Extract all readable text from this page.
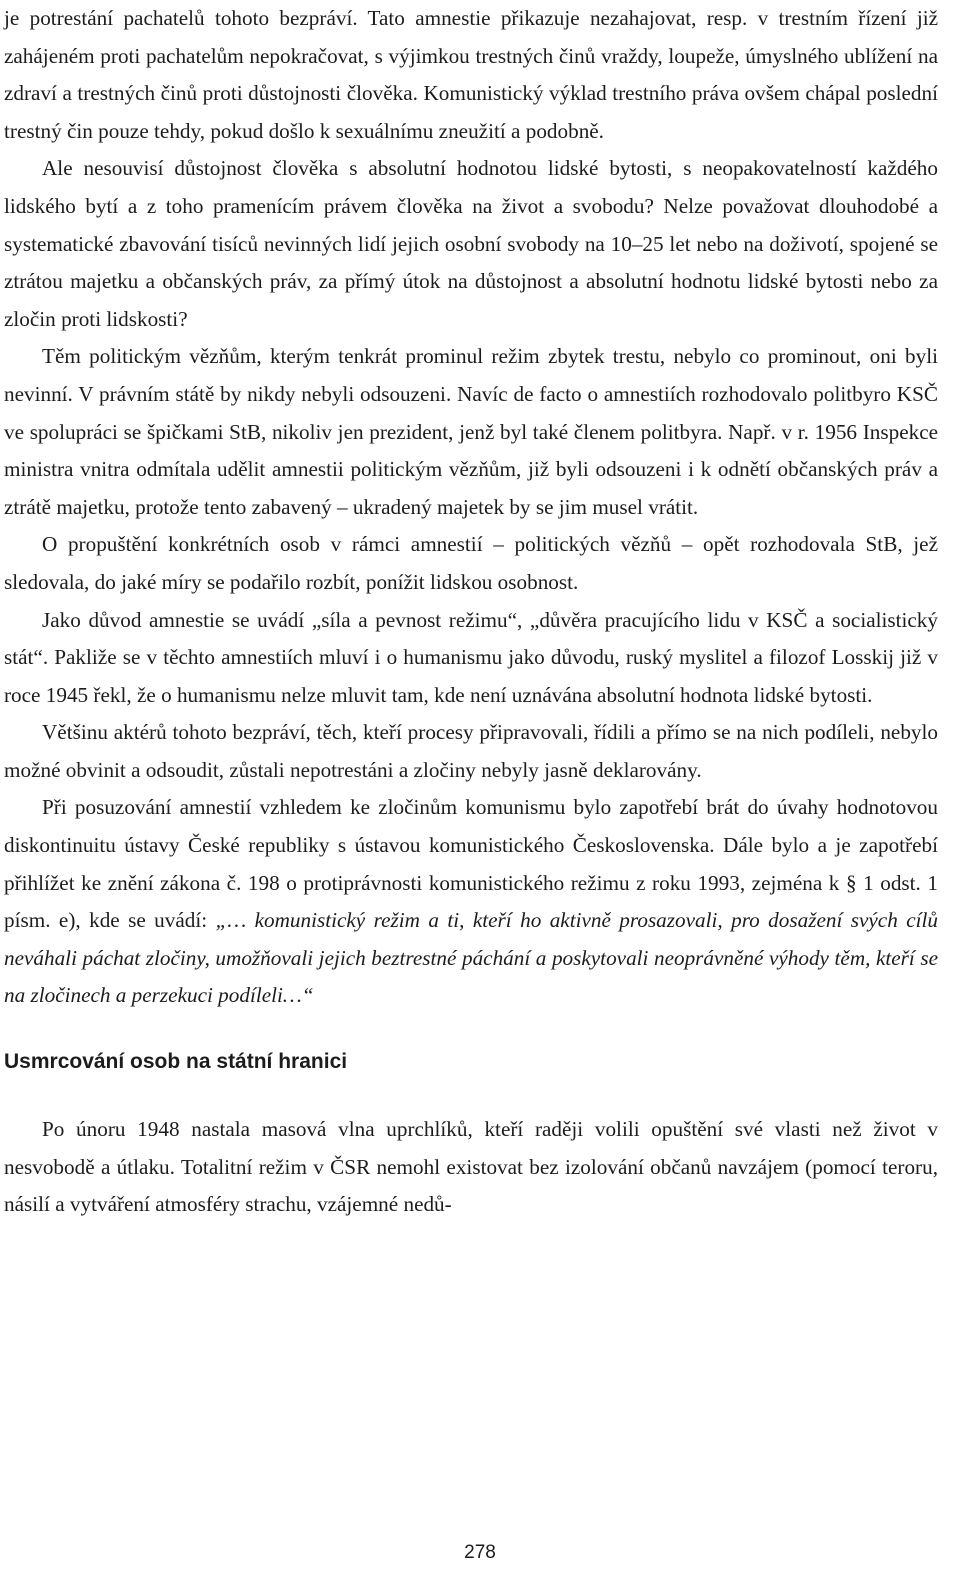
je potrestání pachatelů tohoto bezpráví. Tato amnestie přikazuje nezahajovat, resp. v trestním řízení již zahájeném proti pachatelům nepokračovat, s výjimkou trestných činů vraždy, loupeže, úmyslného ublížení na zdraví a trestných činů proti důstojnosti člověka. Komunistický výklad trestního práva ovšem chápal poslední trestný čin pouze tehdy, pokud došlo k sexuálnímu zneužití a podobně.

Ale nesouvisí důstojnost člověka s absolutní hodnotou lidské bytosti, s neopakovatelností každého lidského bytí a z toho pramenícím právem člověka na život a svobodu? Nelze považovat dlouhodobé a systematické zbavování tisíců nevinných lidí jejich osobní svobody na 10–25 let nebo na doživotí, spojené se ztrátou majetku a občanských práv, za přímý útok na důstojnost a absolutní hodnotu lidské bytosti nebo za zločin proti lidskosti?

Těm politickým vězňům, kterým tenkrát prominul režim zbytek trestu, nebylo co prominout, oni byli nevinní. V právním státě by nikdy nebyli odsouzeni. Navíc de facto o amnestiích rozhodovalo politbyro KSČ ve spolupráci se špičkami StB, nikoliv jen prezident, jenž byl také členem politbyra. Např. v r. 1956 Inspekce ministra vnitra odmítala udělit amnestii politickým vězňům, již byli odsouzeni i k odnětí občanských práv a ztrátě majetku, protože tento zabavený – ukradený majetek by se jim musel vrátit.

O propuštění konkrétních osob v rámci amnestií – politických vězňů – opět rozhodovala StB, jež sledovala, do jaké míry se podařilo rozbít, ponížit lidskou osobnost.

Jako důvod amnestie se uvádí „síla a pevnost režimu“, „důvěra pracujícího lidu v KSČ a socialistický stát“. Pakliže se v těchto amnestiích mluví i o humanismu jako důvodu, ruský myslitel a filozof Losskij již v roce 1945 řekl, že o humanismu nelze mluvit tam, kde není uznávána absolutní hodnota lidské bytosti.

Většinu aktérů tohoto bezpráví, těch, kteří procesy připravovali, řídili a přímo se na nich podíleli, nebylo možné obvinit a odsoudit, zůstali nepotrestáni a zločiny nebyly jasně deklarovány.

Při posuzování amnestií vzhledem ke zločinům komunismu bylo zapotřebí brát do úvahy hodnotovou diskontinuitu ústavy České republiky s ústavou komunistického Československa. Dále bylo a je zapotřebí přihlížet ke znění zákona č. 198 o protiprávnosti komunistického režimu z roku 1993, zejména k § 1 odst. 1 písm. e), kde se uvádí: „… komunistický režim a ti, kteří ho aktivně prosazovali, pro dosažení svých cílů neváhali páchat zločiny, umožňovali jejich beztrestné páchání a poskytovali neoprávněné výhody těm, kteří se na zločinech a perzekuci podíleli…“

Usmrcování osob na státní hranici

Po únoru 1948 nastala masová vlna uprchlíků, kteří raději volili opuštění své vlasti než život v nesvobodě a útlaku. Totalitní režim v ČSR nemohl existovat bez izolování občanů navzájem (pomocí teroru, násilí a vytváření atmosféry strachu, vzájemné nedů-

278
